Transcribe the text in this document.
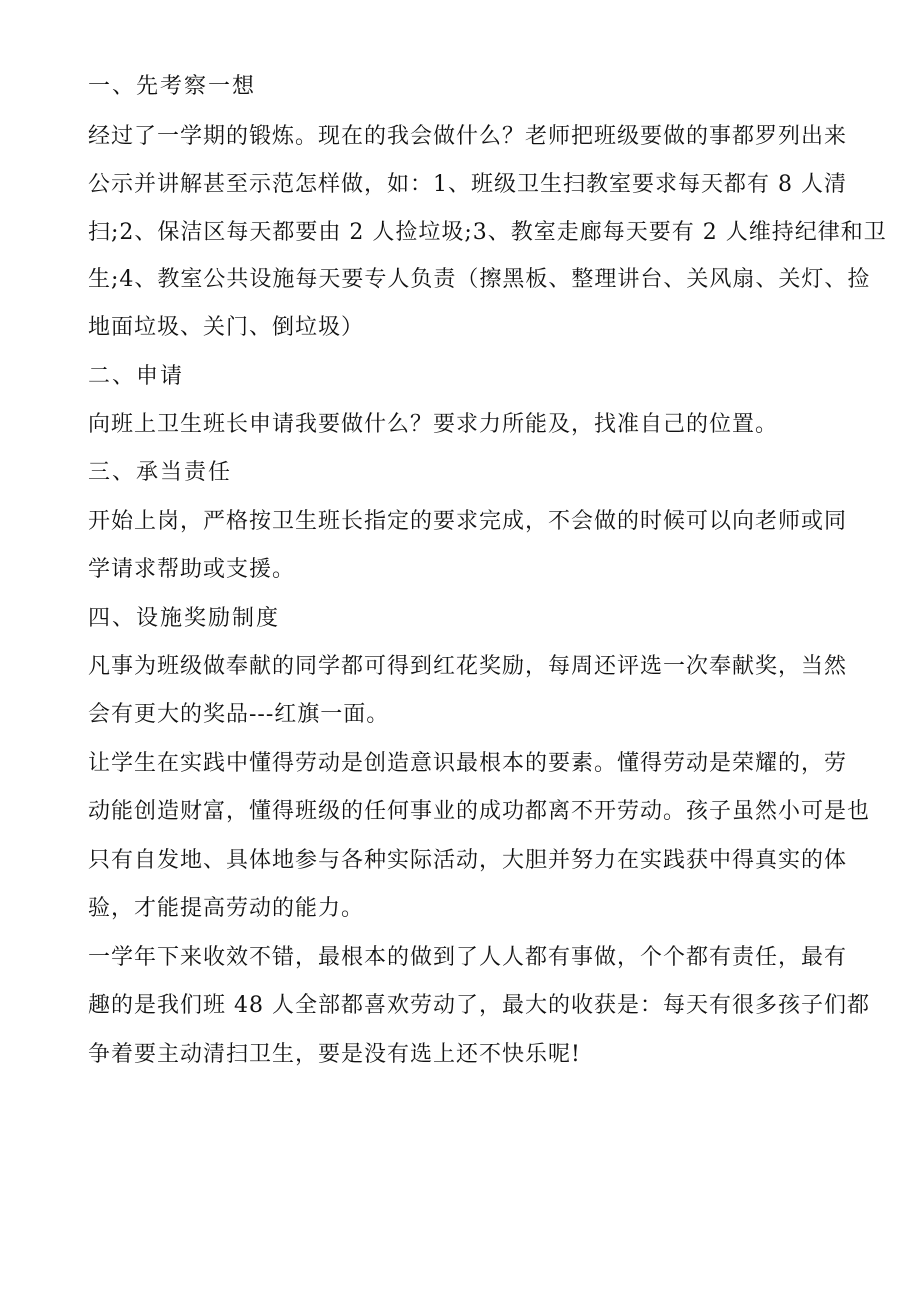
一、先考察一想
经过了一学期的锻炼。现在的我会做什么？老师把班级要做的事都罗列出来
公示并讲解甚至示范怎样做，如：1、班级卫生扫教室要求每天都有 8 人清
扫;2、保洁区每天都要由 2 人捡垃圾;3、教室走廊每天要有 2 人维持纪律和卫
生;4、教室公共设施每天要专人负责（擦黑板、整理讲台、关风扇、关灯、捡
地面垃圾、关门、倒垃圾）
二、申请
向班上卫生班长申请我要做什么？要求力所能及，找准自己的位置。
三、承当责任
开始上岗，严格按卫生班长指定的要求完成，不会做的时候可以向老师或同
学请求帮助或支援。
四、设施奖励制度
凡事为班级做奉献的同学都可得到红花奖励，每周还评选一次奉献奖，当然
会有更大的奖品---红旗一面。
让学生在实践中懂得劳动是创造意识最根本的要素。懂得劳动是荣耀的，劳
动能创造财富，懂得班级的任何事业的成功都离不开劳动。孩子虽然小可是也
只有自发地、具体地参与各种实际活动，大胆并努力在实践获中得真实的体
验，才能提高劳动的能力。
一学年下来收效不错，最根本的做到了人人都有事做，个个都有责任，最有
趣的是我们班 48 人全部都喜欢劳动了，最大的收获是：每天有很多孩子们都
争着要主动清扫卫生，要是没有选上还不快乐呢!
